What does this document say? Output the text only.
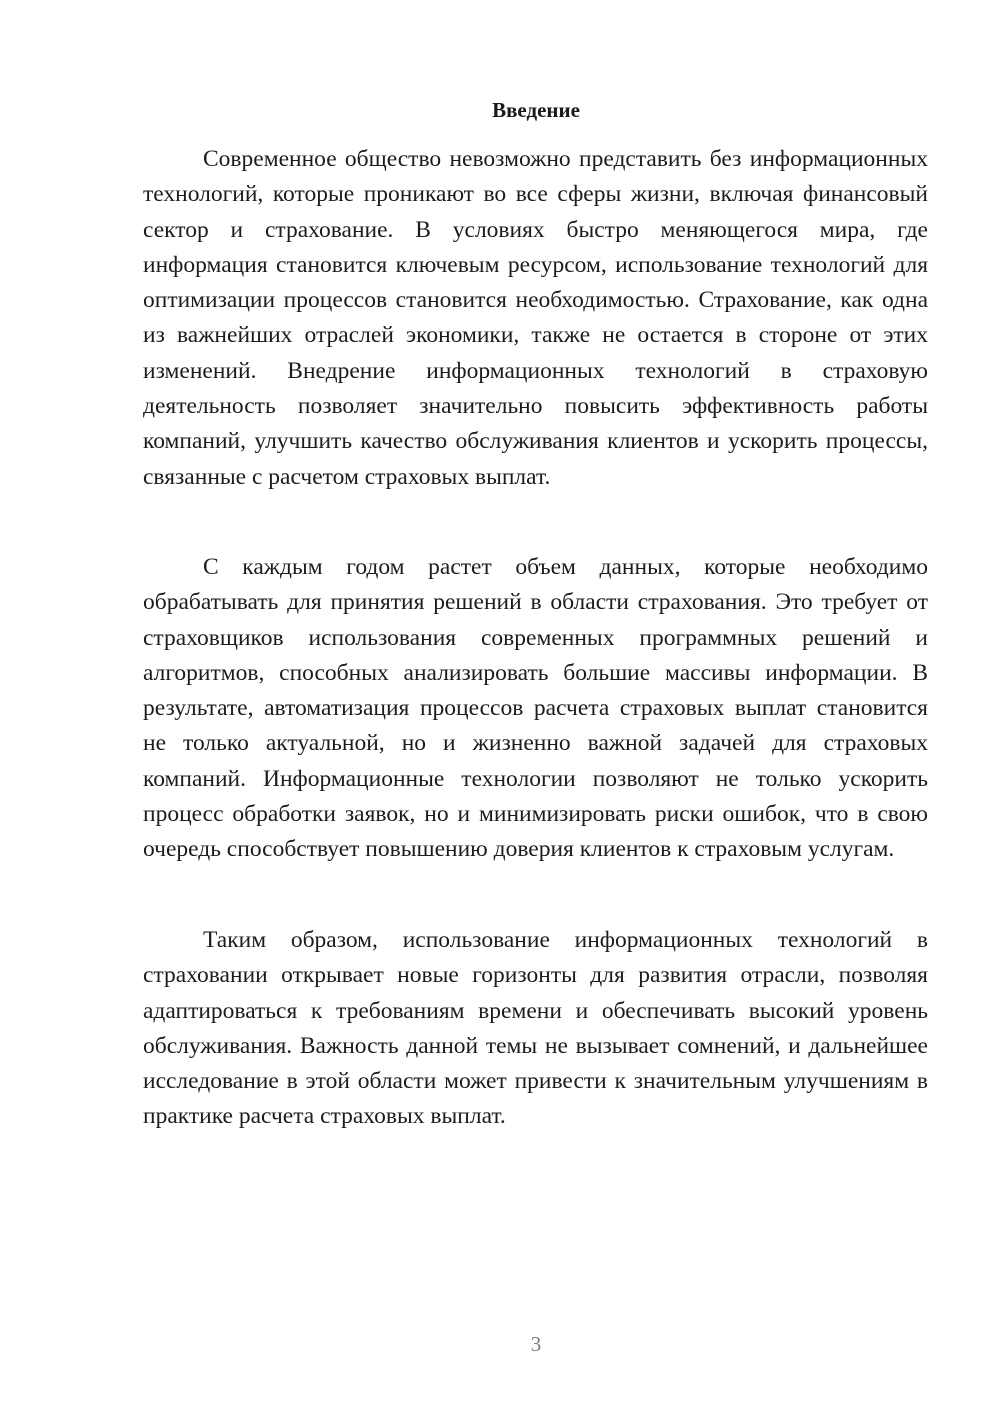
Введение

Современное общество невозможно представить без информационных технологий, которые проникают во все сферы жизни, включая финансовый сектор и страхование. В условиях быстро меняющегося мира, где информация становится ключевым ресурсом, использование технологий для оптимизации процессов становится необходимостью. Страхование, как одна из важнейших отраслей экономики, также не остается в стороне от этих изменений. Внедрение информационных технологий в страховую деятельность позволяет значительно повысить эффективность работы компаний, улучшить качество обслуживания клиентов и ускорить процессы, связанные с расчетом страховых выплат.

С каждым годом растет объем данных, которые необходимо обрабатывать для принятия решений в области страхования. Это требует от страховщиков использования современных программных решений и алгоритмов, способных анализировать большие массивы информации. В результате, автоматизация процессов расчета страховых выплат становится не только актуальной, но и жизненно важной задачей для страховых компаний. Информационные технологии позволяют не только ускорить процесс обработки заявок, но и минимизировать риски ошибок, что в свою очередь способствует повышению доверия клиентов к страховым услугам.

Таким образом, использование информационных технологий в страховании открывает новые горизонты для развития отрасли, позволяя адаптироваться к требованиям времени и обеспечивать высокий уровень обслуживания. Важность данной темы не вызывает сомнений, и дальнейшее исследование в этой области может привести к значительным улучшениям в практике расчета страховых выплат.

3
